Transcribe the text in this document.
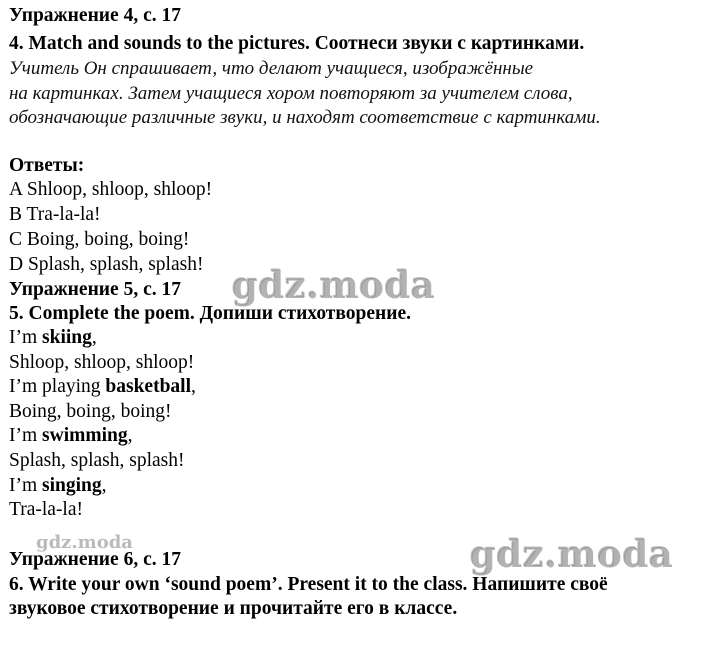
Упражнение 4, с. 17
4. Match and sounds to the pictures. Соотнеси звуки с картинками.
Учитель Он спрашивает, что делают учащиеся, изображённые
на картинках. Затем учащиеся хором повторяют за учителем слова,
обозначающие различные звуки, и находят соответствие с картинками.
Ответы:
A Shloop, shloop, shloop!
B Tra-la-la!
C Boing, boing, boing!
D Splash, splash, splash!
Упражнение 5, с. 17
5. Complete the poem. Допиши стихотворение.
I’m skiing,
Shloop, shloop, shloop!
I’m playing basketball,
Boing, boing, boing!
I’m swimming,
Splash, splash, splash!
I’m singing,
Tra-la-la!
Упражнение 6, с. 17
6. Write your own ‘sound poem’. Present it to the class. Напишите своё
звуковое стихотворение и прочитайте его в классе.
gdz.moda
gdz.moda
gdz.moda
